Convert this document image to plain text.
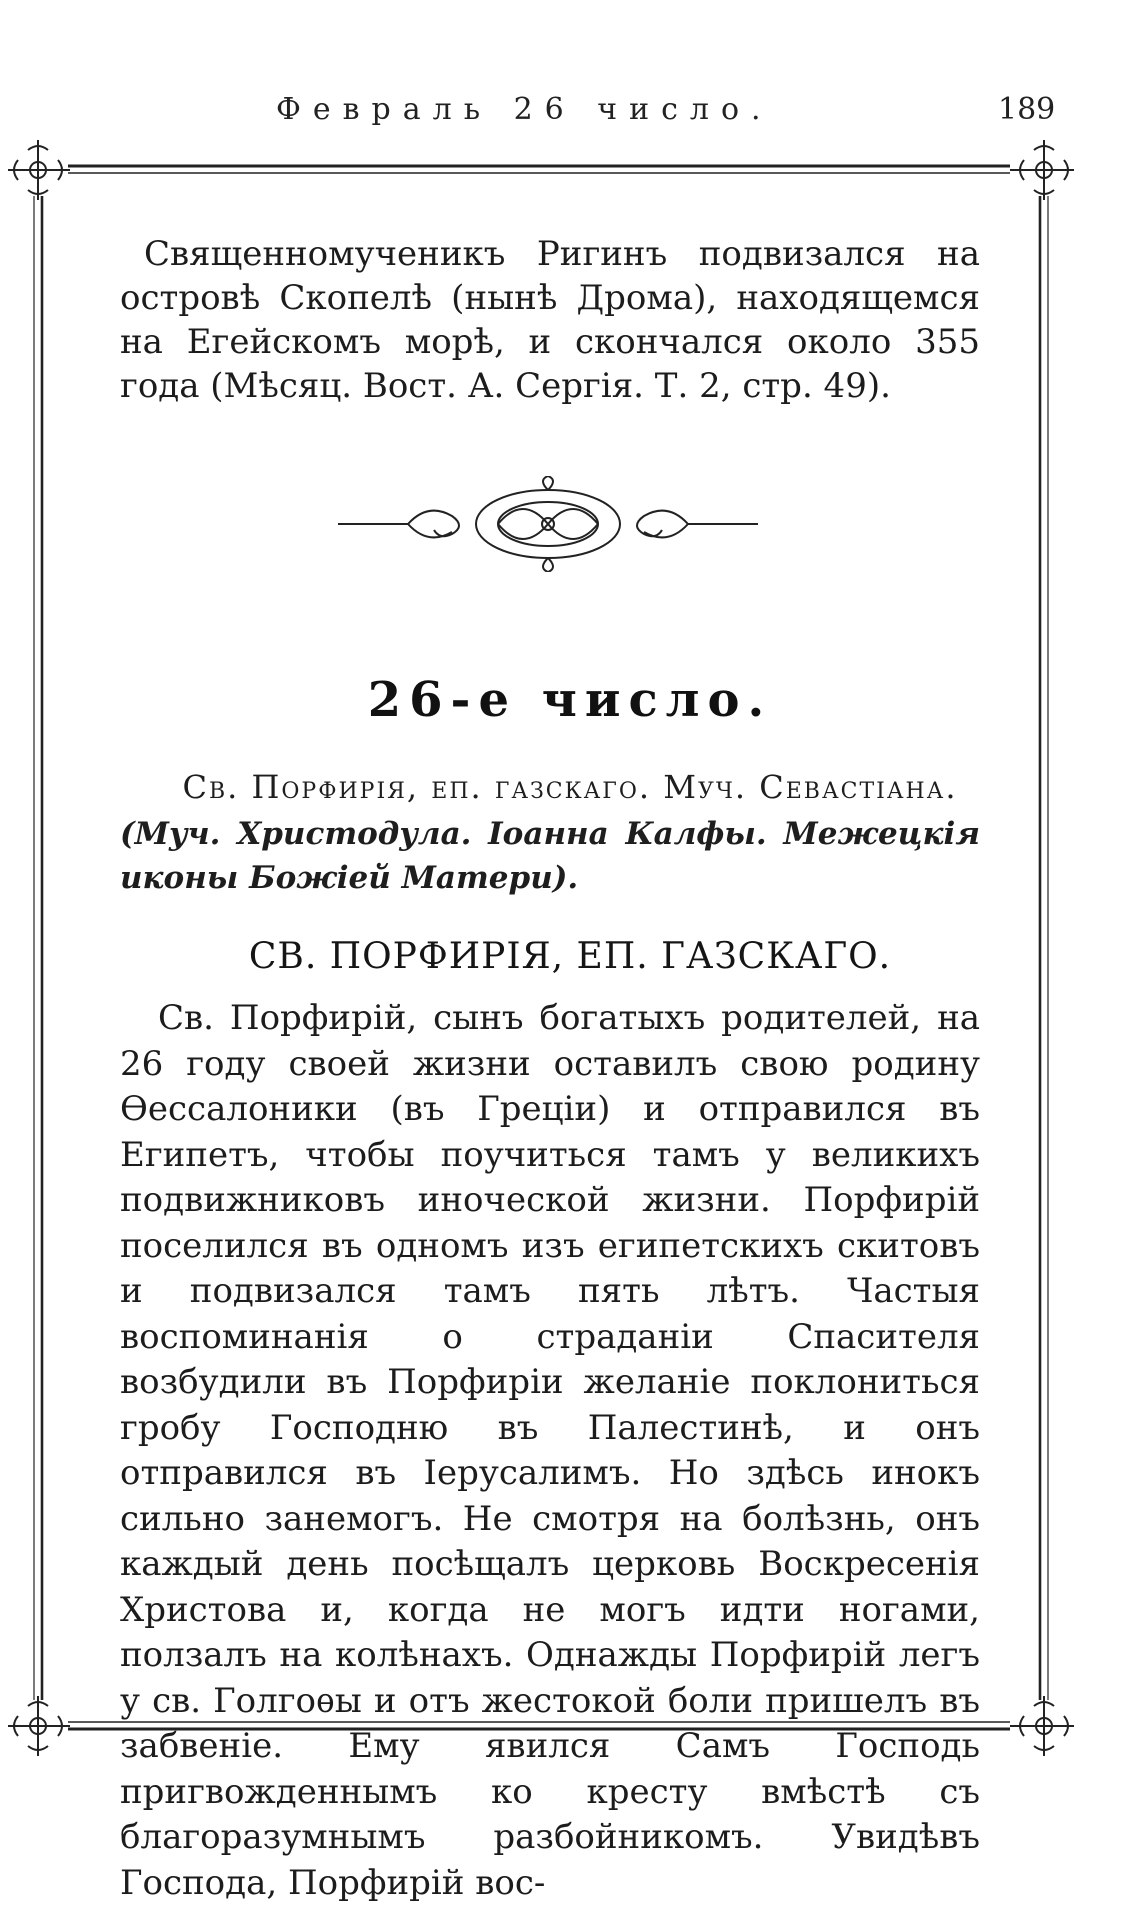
Февраль 26 число.	189

Священномученикъ Ригинъ подвизался на островѣ Скопелѣ (нынѣ Дрома), находящемся на Егейскомъ морѣ, и скончался около 355 года (Мѣсяц. Вост. А. Сергія. Т. 2, стр. 49).

26-е число.
Св. Порфирія, еп. газскаго. Муч. Севастіана.
(Муч. Христодула. Іоанна Калфы. Межецкія иконы Божіей Матери).
СВ. ПОРФИРІЯ, ЕП. ГАЗСКАГО.

Св. Порфирій, сынъ богатыхъ родителей, на 26 году своей жизни оставилъ свою родину Ѳессалоники (въ Греціи) и отправился въ Египетъ, чтобы поучиться тамъ у великихъ подвижниковъ иноческой жизни. Порфирій поселился въ одномъ изъ египетскихъ скитовъ и подвизался тамъ пять лѣтъ. Частыя воспоминанія о страданіи Спасителя возбудили въ Порфиріи желаніе поклониться гробу Господню въ Палестинѣ, и онъ отправился въ Іерусалимъ. Но здѣсь инокъ сильно занемогъ. Не смотря на болѣзнь, онъ каждый день посѣщалъ церковь Воскресенія Христова и, когда не могъ идти ногами, ползалъ на колѣнахъ. Однажды Порфирій легъ у св. Голгоѳы и отъ жестокой боли пришелъ въ забвеніе. Ему явился Самъ Господь пригвожденнымъ ко кресту вмѣстѣ съ благоразумнымъ разбойникомъ. Увидѣвъ Господа, Порфирій вос-
